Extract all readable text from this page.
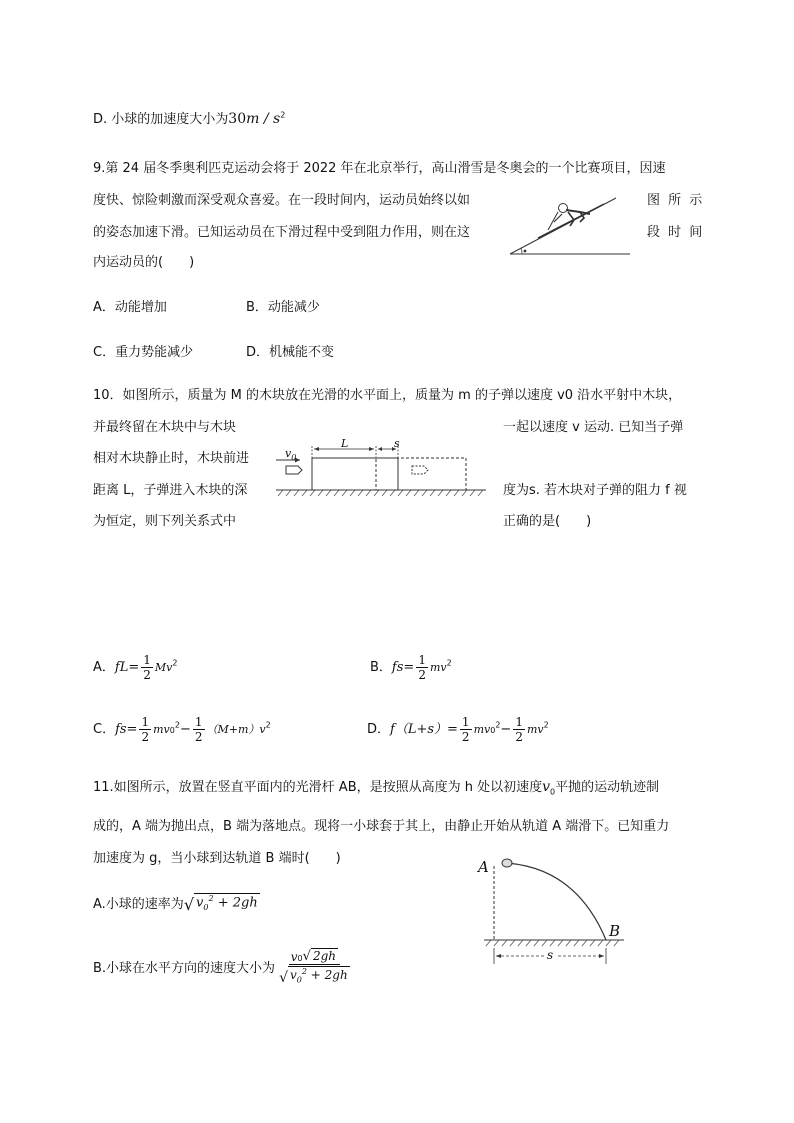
D. 小球的加速度大小为$30m / s^2$
9.第 24 届冬季奥利匹克运动会将于 2022 年在北京举行，高山滑雪是冬奥会的一个比赛项目，因速
度快、惊险刺激而深受观众喜爱。在一段时间内，运动员始终以如	图 所 示
的姿态加速下滑。已知运动员在下滑过程中受到阻力作用，则在这	段 时 间
内运动员的(　　)
A．动能增加	B．动能减少
C．重力势能减少	D．机械能不变
10．如图所示，质量为 M 的木块放在光滑的水平面上，质量为 m 的子弹以速度 v0 沿水平射中木块，
并最终留在木块中与木块	一起以速度 v 运动. 已知当子弹
相对木块静止时，木块前进
距离 L，子弹进入木块的深	度为s. 若木块对子弹的阻力 f 视
为恒定，则下列关系式中	正确的是(　　)
$v_0$
L	s
A．$fL= \frac{1}{2} Mv^2$	B．$fs= \frac{1}{2} mv^2$
C．$fs= \frac{1}{2} mv0^2- \frac{1}{2} (M+m)v^2$	D．$f(L+s)= \frac{1}{2} mv0^2- \frac{1}{2} mv^2$
11.如图所示，放置在竖直平面内的光滑杆 AB，是按照从高度为 h 处以初速度$v_0$平抛的运动轨迹制
成的，A 端为抛出点，B 端为落地点。现将一小球套于其上，由静止开始从轨道 A 端滑下。已知重力
加速度为 g，当小球到达轨道 B 端时(　　)
A.小球的速率为 √ $v_0^2 + 2gh$
B.小球在水平方向的速度大小为 $\frac{v 0 √ 2gh}{√ v_0^2 + 2gh}$
A
B
s
